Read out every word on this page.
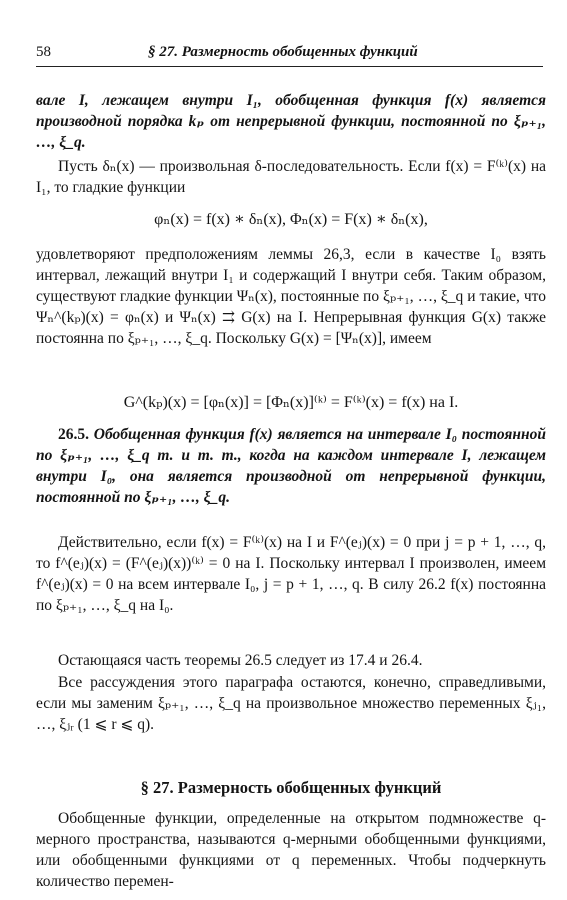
58	§ 27. Размерность обобщенных функций

вале I, лежащем внутри I₁, обобщенная функция f(x) является производной порядка kₚ от непрерывной функции, постоянной по ξₚ₊₁, …, ξ_q.

Пусть δₙ(x) — произвольная δ-последовательность. Если f(x) = F⁽ᵏ⁾(x) на I₁, то гладкие функции

φₙ(x) = f(x) ∗ δₙ(x), Φₙ(x) = F(x) ∗ δₙ(x),

удовлетворяют предположениям леммы 26,3, если в качестве I₀ взять интервал, лежащий внутри I₁ и содержащий I внутри себя. Таким образом, существуют гладкие функции Ψₙ(x), постоянные по ξₚ₊₁, …, ξ_q и такие, что Ψₙ^(kₚ)(x) = φₙ(x) и Ψₙ(x) ⇉ G(x) на I. Непрерывная функция G(x) также постоянна по ξₚ₊₁, …, ξ_q. Поскольку G(x) = [Ψₙ(x)], имеем

G^(kₚ)(x) = [φₙ(x)] = [Φₙ(x)]⁽ᵏ⁾ = F⁽ᵏ⁾(x) = f(x) на I.

26.5. Обобщенная функция f(x) является на интервале I₀ постоянной по ξₚ₊₁, …, ξ_q т. и т. т., когда на каждом интервале I, лежащем внутри I₀, она является производной от непрерывной функции, постоянной по ξₚ₊₁, …, ξ_q.

Действительно, если f(x) = F⁽ᵏ⁾(x) на I и F^(eⱼ)(x) = 0 при j = p + 1, …, q, то f^(eⱼ)(x) = (F^(eⱼ)(x))⁽ᵏ⁾ = 0 на I. Поскольку интервал I произволен, имеем f^(eⱼ)(x) = 0 на всем интервале I₀, j = p + 1, …, q. В силу 26.2 f(x) постоянна по ξₚ₊₁, …, ξ_q на I₀.

Остающаяся часть теоремы 26.5 следует из 17.4 и 26.4.

Все рассуждения этого параграфа остаются, конечно, справедливыми, если мы заменим ξₚ₊₁, …, ξ_q на произвольное множество переменных ξⱼ₁, …, ξⱼᵣ (1 ⩽ r ⩽ q).

§ 27. Размерность обобщенных функций

Обобщенные функции, определенные на открытом подмножестве q-мерного пространства, называются q-мерными обобщенными функциями, или обобщенными функциями от q переменных. Чтобы подчеркнуть количество перемен-
